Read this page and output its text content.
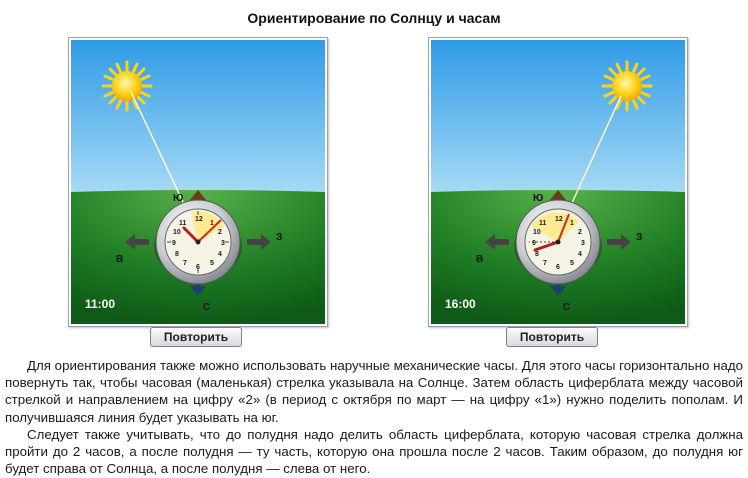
Ориентирование по Солнцу и часам
Ю
С
В
З
12
1
2
3
4
5
6
7
8
9
10
11
11:00
Ю
С
В
З
12
1
2
3
4
5
6
7
8
9
10
11
16:00
Повторить	Повторить

Для ориентирования также можно использовать наручные механические часы. Для этого часы горизонтально надо повернуть так, чтобы часовая (маленькая) стрелка указывала на Солнце. Затем область циферблата между часовой стрелкой и направлением на цифру «2» (в период с октября по март — на цифру «1») нужно поделить пополам. И получившаяся линия будет указывать на юг.

Следует также учитывать, что до полудня надо делить область циферблата, которую часовая стрелка должна пройти до 2 часов, а после полудня — ту часть, которую она прошла после 2 часов. Таким образом, до полудня юг будет справа от Солнца, а после полудня — слева от него.
